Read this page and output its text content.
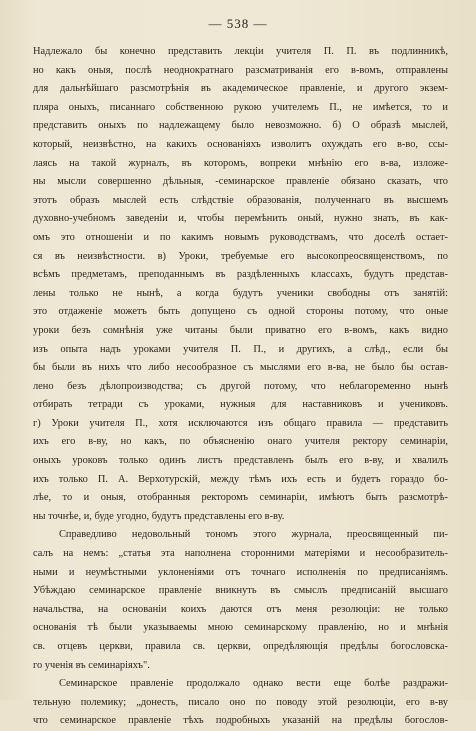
— 538 —
Надлежало бы конечно представить лекціи учителя П. П. въ подлинникѣ,
но какъ оныя, послѣ неоднократнаго разсматриванія его в-вомъ, отправлены
для дальнѣйшаго разсмотрѣнія въ академическое правленіе, и другого экзем-
пляра оныхъ, писаннаго собственною рукою учителемъ П., не имѣется, то и
представить оныхъ по надлежащему было невозможно. б) О образѣ мыслей,
который, неизвѣстно, на какихъ основаніяхъ изволитъ охуждать его в-во, ссы-
лаясь на такой журналъ, въ которомъ, вопреки мнѣнію его в-ва, изложе-
ны мысли совершенно дѣльныя, -семинарское правленіе обязано сказать, что
этотъ образъ мыслей есть слѣдствіе образованія, полученнаго въ высшемъ
духовно-учебномъ заведеніи и, чтобы перемѣнить оный, нужно знать, въ как-
омъ это отношеніи и по какимъ новымъ руководствамъ, что доселѣ остает-
ся въ неизвѣстности. в) Уроки, требуемые его высокопреосвященствомъ, по
всѣмъ предметамъ, преподаннымъ въ раздѣленныхъ классахъ, будутъ представ-
лены только не нынѣ, а когда будутъ ученики свободны отъ занятій:
это отдаженіе можетъ быть допущено съ одной стороны потому, что оные
уроки безъ сомнѣнія уже читаны были приватно его в-вомъ, какъ видно
изъ опыта надъ уроками учителя П. П., и другихъ, а слѣд., если бы
бы были въ нихъ что либо несообразное съ мыслями его в-ва, не было бы остав-
лено безъ дѣлопроизводства; съ другой потому, что неблагоременно нынѣ
отбирать тетради съ уроками, нужныя для наставниковъ и учениковъ.
г) Уроки учителя П., хотя исключаются изъ общаго правила — представить
ихъ его в-ву, но какъ, по объясненію онаго учителя ректору семинаріи,
оныхъ уроковъ только одинъ листъ представленъ былъ его в-ву, и хвалилъ
ихъ только П. А. Верхотурскій, между тѣмъ ихъ есть и будетъ гораздо бо-
лѣе, то и оныя, отобранныя ректоромъ семинаріи, имѣютъ быть разсмотрѣ-
ны точнѣе, и, буде угодно, будутъ представлены его в-ву.
Справедливо недовольный тономъ этого журнала, преосвященный пи-
салъ на немъ: „статья эта наполнена сторонними матеріями и несообразитель-
ными и неумѣстными уклоненіями отъ точнаго исполненія по предписаніямъ.
Убѣждаю семинарское правленіе вникнуть въ смыслъ предписаній высшаго
начальства, на основаніи коихъ даются отъ меня резолюціи: не только
основанія тѣ были указываемы мною семинарскому правленію, но и мнѣнія
св. отцевъ церкви, правила св. церкви, опредѣляющія предѣлы богословска-
го ученія въ семинаріяхъ".
Семинарское правленіе продолжало однако вести еще болѣе раздражи-
тельную полемику; „донесть, писало оно по поводу этой резолюціи, его в-ву
что семинарское правленіе тѣхъ подробныхъ указаній на предѣлы богослов-
